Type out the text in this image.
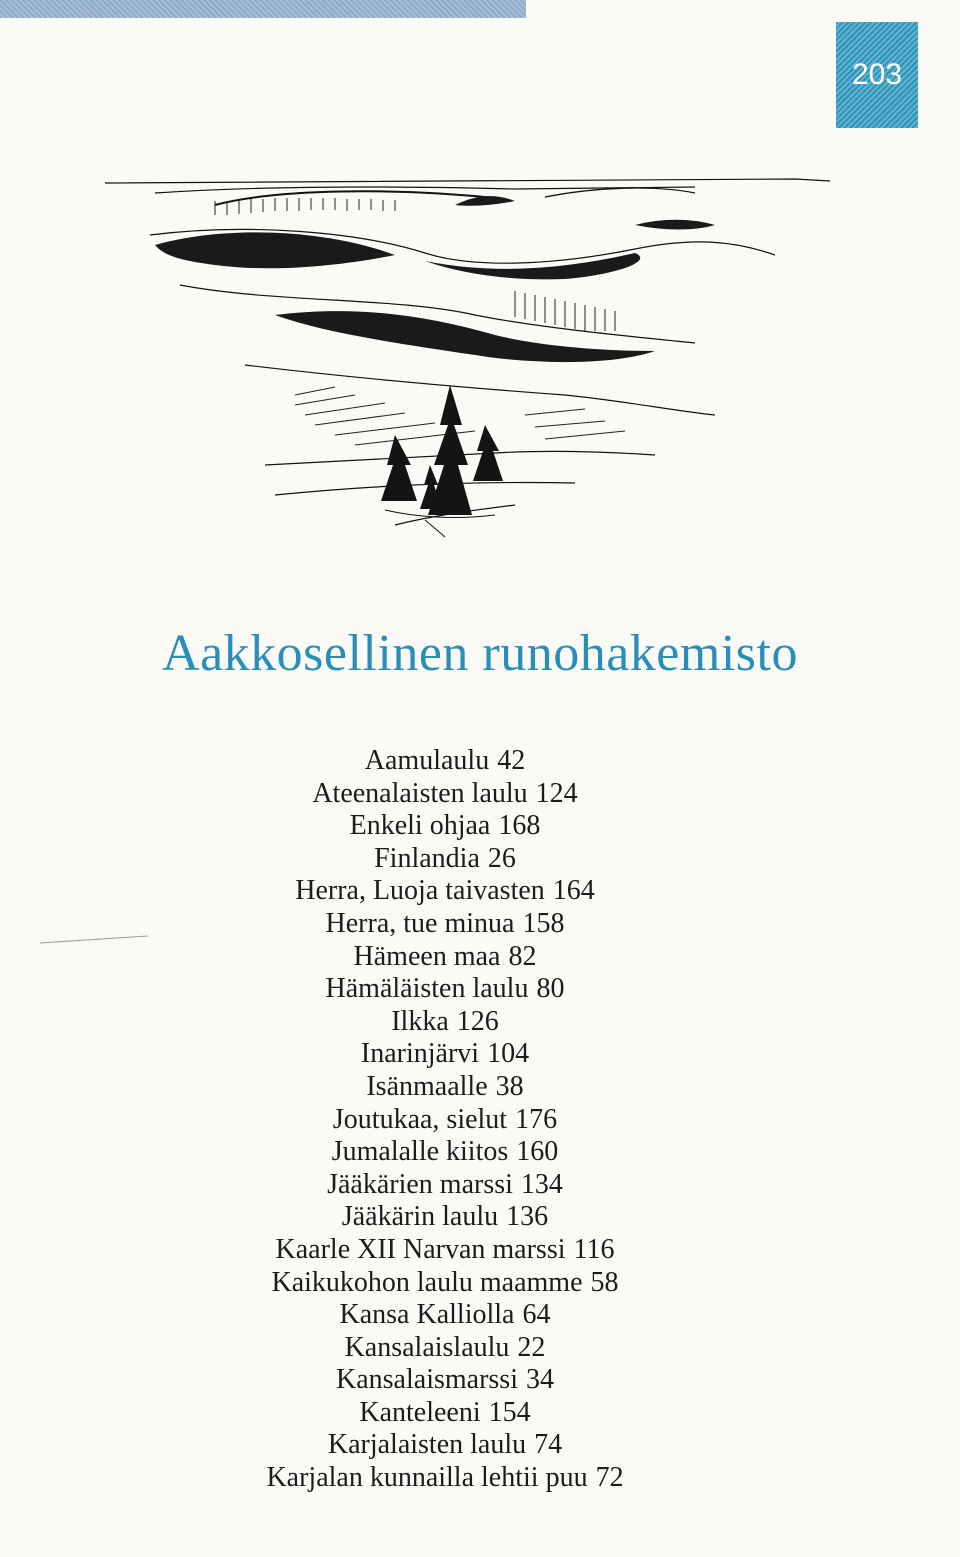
203
Aakkosellinen runohakemisto
Aamulaulu 42
Ateenalaisten laulu 124
Enkeli ohjaa 168
Finlandia 26
Herra, Luoja taivasten 164
Herra, tue minua 158
Hämeen maa 82
Hämäläisten laulu 80
Ilkka 126
Inarinjärvi 104
Isänmaalle 38
Joutukaa, sielut 176
Jumalalle kiitos 160
Jääkärien marssi 134
Jääkärin laulu 136
Kaarle XII Narvan marssi 116
Kaikukohon laulu maamme 58
Kansa Kalliolla 64
Kansalaislaulu 22
Kansalaismarssi 34
Kanteleeni 154
Karjalaisten laulu 74
Karjalan kunnailla lehtii puu 72
